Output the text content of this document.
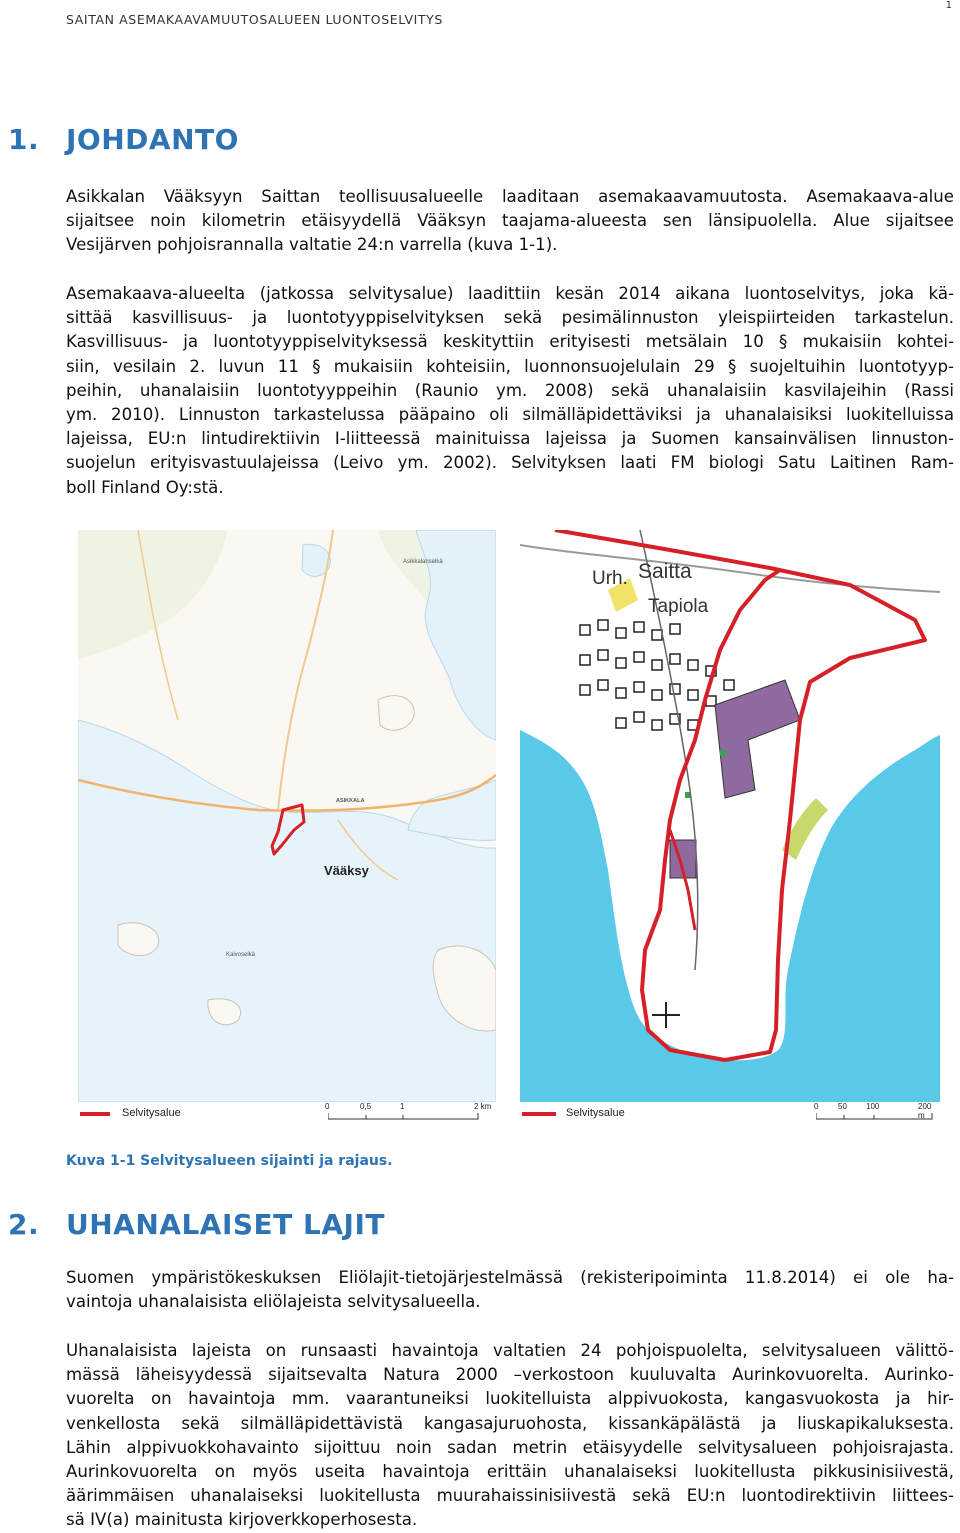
SAITAN ASEMAKAAVAMUUTOSALUEEN LUONTOSELVITYS
1
1. JOHDANTO
Asikkalan Vääksyyn Saittan teollisuusalueelle laaditaan asemakaavamuutosta. Asemakaava-alue
sijaitsee noin kilometrin etäisyydellä Vääksyn taajama-alueesta sen länsipuolella. Alue sijaitsee
Vesijärven pohjoisrannalla valtatie 24:n varrella (kuva 1-1).
Asemakaava-alueelta (jatkossa selvitysalue) laadittiin kesän 2014 aikana luontoselvitys, joka kä-
sittää kasvillisuus- ja luontotyyppiselvityksen sekä pesimälinnuston yleispiirteiden tarkastelun.
Kasvillisuus- ja luontotyyppiselvityksessä keskityttiin erityisesti metsälain 10 § mukaisiin kohtei-
siin, vesilain 2. luvun 11 § mukaisiin kohteisiin, luonnonsuojelulain 29 § suojeltuihin luontotyyp-
peihin, uhanalaisiin luontotyyppeihin (Raunio ym. 2008) sekä uhanalaisiin kasvilajeihin (Rassi
ym. 2010). Linnuston tarkastelussa pääpaino oli silmälläpidettäviksi ja uhanalaisiksi luokitelluissa
lajeissa, EU:n lintudirektiivin I-liitteessä mainituissa lajeissa ja Suomen kansainvälisen linnuston-
suojelun erityisvastuulajeissa (Leivo ym. 2002). Selvityksen laati FM biologi Satu Laitinen Ram-
boll Finland Oy:stä.
Vääksy
Asikkalanselkä
Kaivoselkä
ASIKKALA
Urh. Saitta
Tapiola
Selvitysalue
0	0,5	1	2 km
Selvitysalue
0 50 100	200 m
Kuva 1-1 Selvitysalueen sijainti ja rajaus.
2. UHANALAISET LAJIT
Suomen ympäristökeskuksen Eliölajit-tietojärjestelmässä (rekisteripoiminta 11.8.2014) ei ole ha-
vaintoja uhanalaisista eliölajeista selvitysalueella.
Uhanalaisista lajeista on runsaasti havaintoja valtatien 24 pohjoispuolelta, selvitysalueen välittö-
mässä läheisyydessä sijaitsevalta Natura 2000 –verkostoon kuuluvalta Aurinkovuorelta. Aurinko-
vuorelta on havaintoja mm. vaarantuneiksi luokitelluista alppivuokosta, kangasvuokosta ja hir-
venkellosta sekä silmälläpidettävistä kangasajuruohosta, kissankäpälästä ja liuskapikaluksesta.
Lähin alppivuokkohavainto sijoittuu noin sadan metrin etäisyydelle selvitysalueen pohjoisrajasta.
Aurinkovuorelta on myös useita havaintoja erittäin uhanalaiseksi luokitellusta pikkusinisiivestä,
äärimmäisen uhanalaiseksi luokitellusta muurahaissinisiivestä sekä EU:n luontodirektiivin liittees-
sä IV(a) mainitusta kirjoverkkoperhosesta.
